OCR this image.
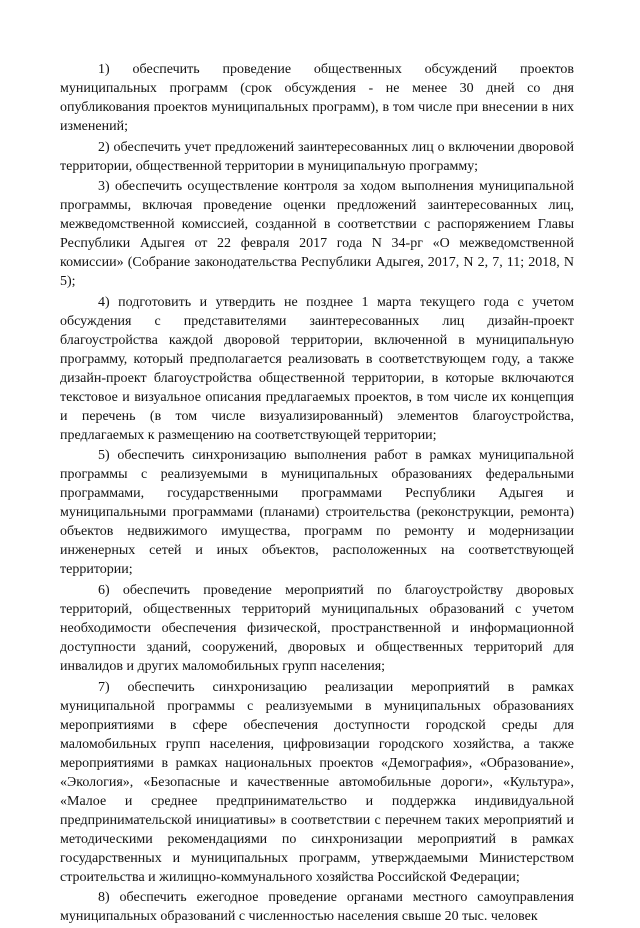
1) обеспечить проведение общественных обсуждений проектов муниципальных программ (срок обсуждения - не менее 30 дней со дня опубликования проектов муниципальных программ), в том числе при внесении в них изменений;

2) обеспечить учет предложений заинтересованных лиц о включении дворовой территории, общественной территории в муниципальную программу;

3) обеспечить осуществление контроля за ходом выполнения муниципальной программы, включая проведение оценки предложений заинтересованных лиц, межведомственной комиссией, созданной в соответствии с распоряжением Главы Республики Адыгея от 22 февраля 2017 года N 34-рг «О межведомственной комиссии» (Собрание законодательства Республики Адыгея, 2017, N 2, 7, 11; 2018, N 5);

4) подготовить и утвердить не позднее 1 марта текущего года с учетом обсуждения с представителями заинтересованных лиц дизайн-проект благоустройства каждой дворовой территории, включенной в муниципальную программу, который предполагается реализовать в соответствующем году, а также дизайн-проект благоустройства общественной территории, в которые включаются текстовое и визуальное описания предлагаемых проектов, в том числе их концепция и перечень (в том числе визуализированный) элементов благоустройства, предлагаемых к размещению на соответствующей территории;

5) обеспечить синхронизацию выполнения работ в рамках муниципальной программы с реализуемыми в муниципальных образованиях федеральными программами, государственными программами Республики Адыгея и муниципальными программами (планами) строительства (реконструкции, ремонта) объектов недвижимого имущества, программ по ремонту и модернизации инженерных сетей и иных объектов, расположенных на соответствующей территории;

6) обеспечить проведение мероприятий по благоустройству дворовых территорий, общественных территорий муниципальных образований с учетом необходимости обеспечения физической, пространственной и информационной доступности зданий, сооружений, дворовых и общественных территорий для инвалидов и других маломобильных групп населения;

7) обеспечить синхронизацию реализации мероприятий в рамках муниципальной программы с реализуемыми в муниципальных образованиях мероприятиями в сфере обеспечения доступности городской среды для маломобильных групп населения, цифровизации городского хозяйства, а также мероприятиями в рамках национальных проектов «Демография», «Образование», «Экология», «Безопасные и качественные автомобильные дороги», «Культура», «Малое и среднее предпринимательство и поддержка индивидуальной предпринимательской инициативы» в соответствии с перечнем таких мероприятий и методическими рекомендациями по синхронизации мероприятий в рамках государственных и муниципальных программ, утверждаемыми Министерством строительства и жилищно-коммунального хозяйства Российской Федерации;

8) обеспечить ежегодное проведение органами местного самоуправления муниципальных образований с численностью населения свыше 20 тыс. человек
